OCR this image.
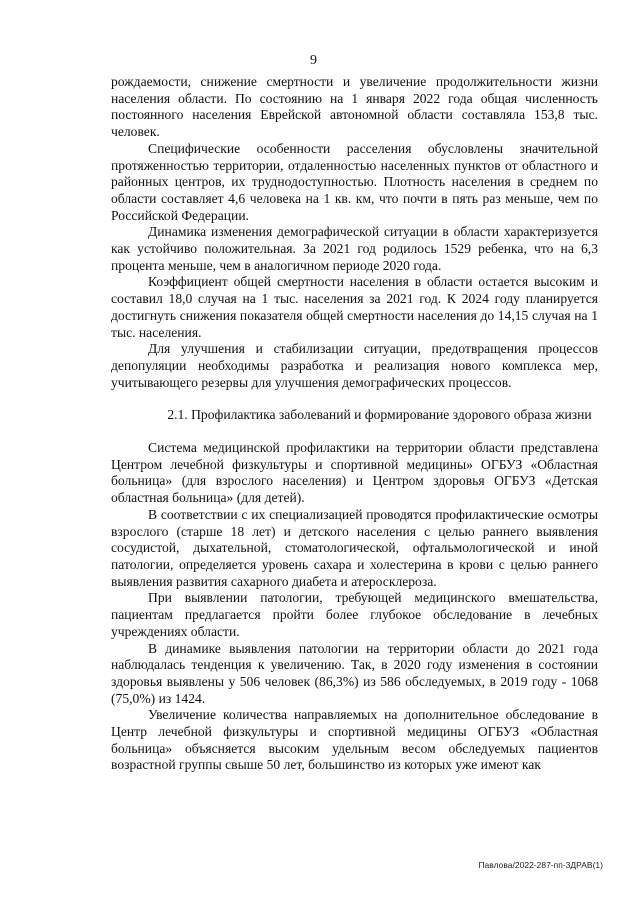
9

рождаемости, снижение смертности и увеличение продолжительности жизни населения области. По состоянию на 1 января 2022 года общая численность постоянного населения Еврейской автономной области составляла 153,8 тыс. человек.

Специфические особенности расселения обусловлены значительной протяженностью территории, отдаленностью населенных пунктов от областного и районных центров, их труднодоступностью. Плотность населения в среднем по области составляет 4,6 человека на 1 кв. км, что почти в пять раз меньше, чем по Российской Федерации.

Динамика изменения демографической ситуации в области характеризуется как устойчиво положительная. За 2021 год родилось 1529 ребенка, что на 6,3 процента меньше, чем в аналогичном периоде 2020 года.

Коэффициент общей смертности населения в области остается высоким и составил 18,0 случая на 1 тыс. населения за 2021 год. К 2024 году планируется достигнуть снижения показателя общей смертности населения до 14,15 случая на 1 тыс. населения.

Для улучшения и стабилизации ситуации, предотвращения процессов депопуляции необходимы разработка и реализация нового комплекса мер, учитывающего резервы для улучшения демографических процессов.

2.1. Профилактика заболеваний и формирование здорового образа жизни

Система медицинской профилактики на территории области представлена Центром лечебной физкультуры и спортивной медицины» ОГБУЗ «Областная больница» (для взрослого населения) и Центром здоровья ОГБУЗ «Детская областная больница» (для детей).

В соответствии с их специализацией проводятся профилактические осмотры взрослого (старше 18 лет) и детского населения с целью раннего выявления сосудистой, дыхательной, стоматологической, офтальмологической и иной патологии, определяется уровень сахара и холестерина в крови с целью раннего выявления развития сахарного диабета и атеросклероза.

При выявлении патологии, требующей медицинского вмешательства, пациентам предлагается пройти более глубокое обследование в лечебных учреждениях области.

В динамике выявления патологии на территории области до 2021 года наблюдалась тенденция к увеличению. Так, в 2020 году изменения в состоянии здоровья выявлены у 506 человек (86,3%) из 586 обследуемых, в 2019 году - 1068 (75,0%) из 1424.

Увеличение количества направляемых на дополнительное обследование в Центр лечебной физкультуры и спортивной медицины ОГБУЗ «Областная больница» объясняется высоким удельным весом обследуемых пациентов возрастной группы свыше 50 лет, большинство из которых уже имеют как

Павлова/2022-287-пп-3ДРАВ(1)
